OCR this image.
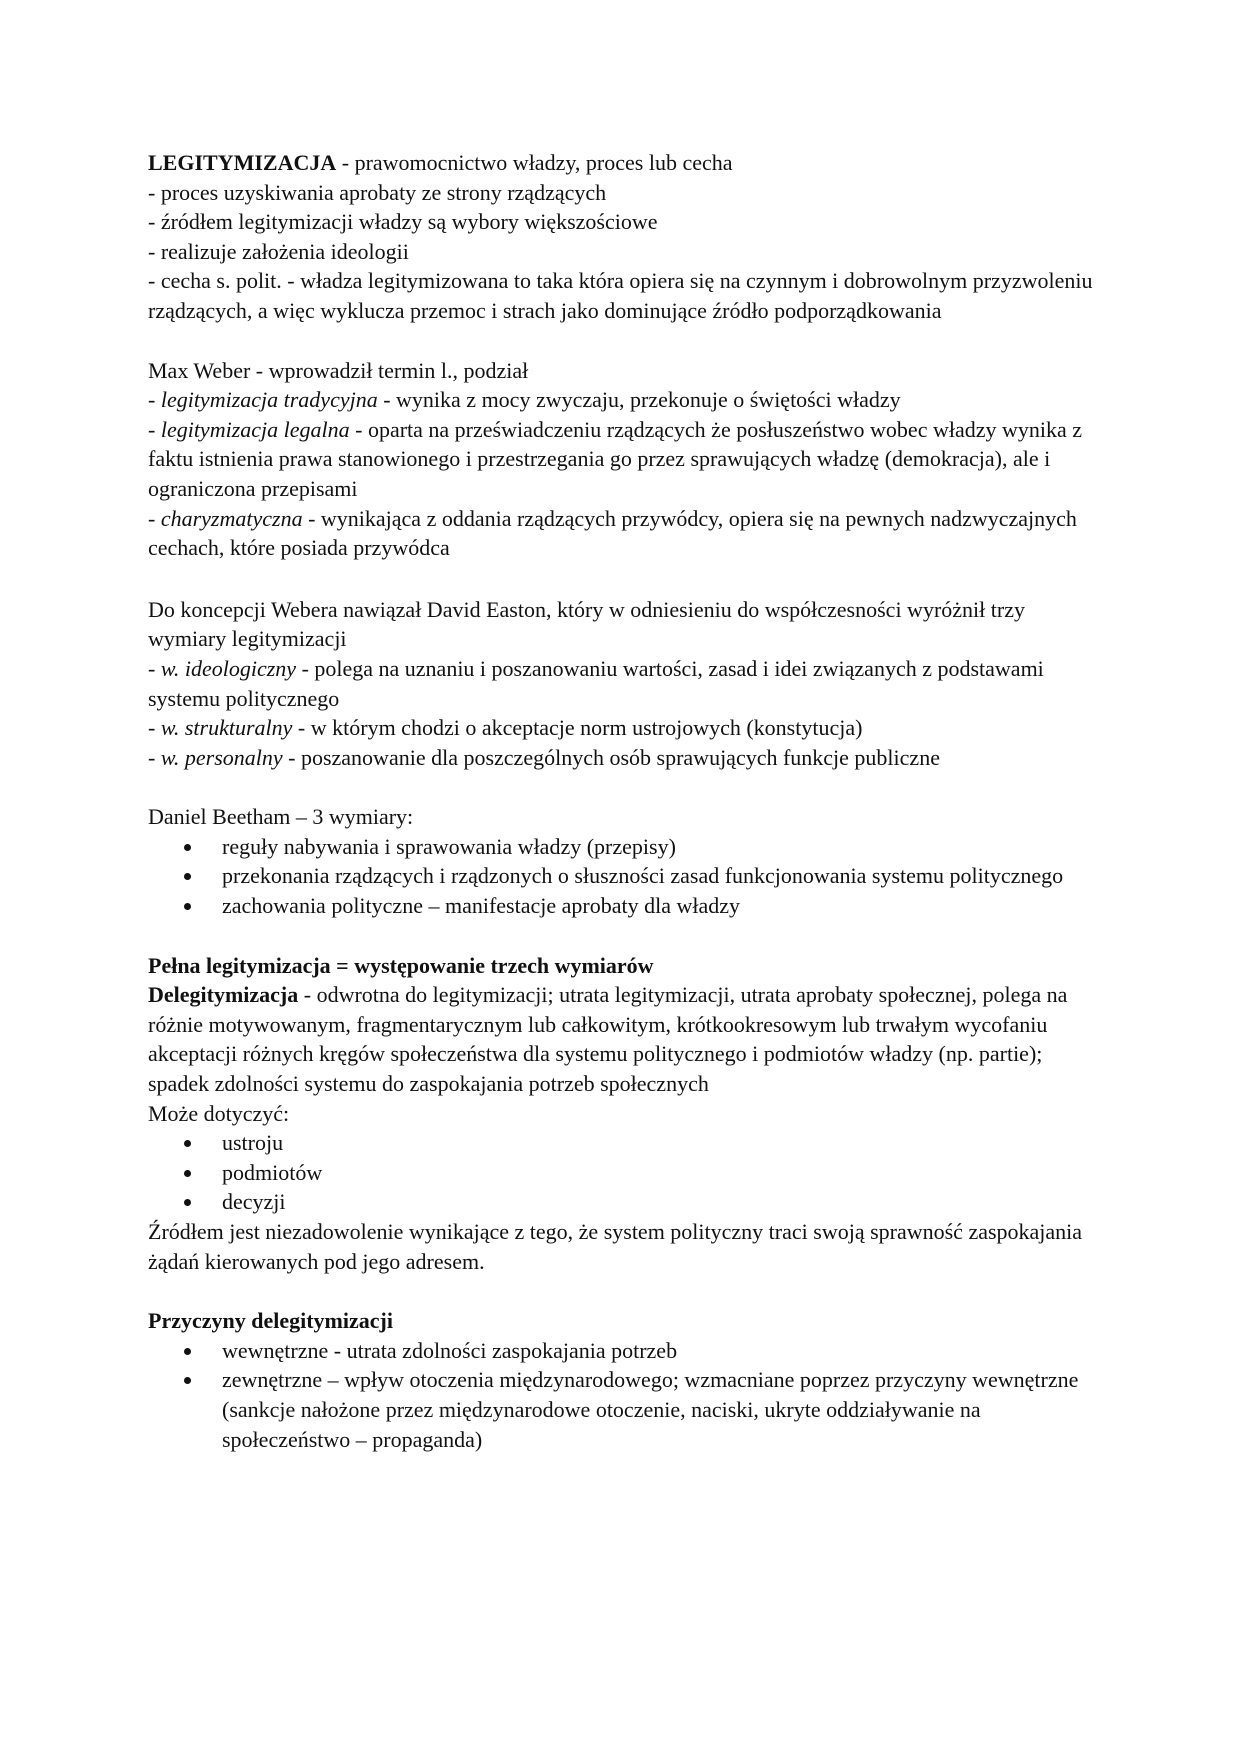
LEGITYMIZACJA - prawomocnictwo władzy, proces lub cecha

- proces uzyskiwania aprobaty ze strony rządzących

- źródłem legitymizacji władzy są wybory większościowe

- realizuje założenia ideologii

- cecha s. polit. - władza legitymizowana to taka która opiera się na czynnym i dobrowolnym przyzwoleniu rządzących, a więc wyklucza przemoc i strach jako dominujące źródło podporządkowania

Max Weber - wprowadził termin l., podział

- legitymizacja tradycyjna - wynika z mocy zwyczaju, przekonuje o świętości władzy

- legitymizacja legalna - oparta na przeświadczeniu rządzących że posłuszeństwo wobec władzy wynika z faktu istnienia prawa stanowionego i przestrzegania go przez sprawujących władzę (demokracja), ale i ograniczona przepisami

- charyzmatyczna - wynikająca z oddania rządzących przywódcy, opiera się na pewnych nadzwyczajnych cechach, które posiada przywódca

Do koncepcji Webera nawiązał David Easton, który w odniesieniu do współczesności wyróżnił trzy wymiary legitymizacji

- w. ideologiczny - polega na uznaniu i poszanowaniu wartości, zasad i idei związanych z podstawami systemu politycznego

- w. strukturalny - w którym chodzi o akceptacje norm ustrojowych (konstytucja)

- w. personalny - poszanowanie dla poszczególnych osób sprawujących funkcje publiczne

Daniel Beetham – 3 wymiary:

reguły nabywania i sprawowania władzy (przepisy)
przekonania rządzących i rządzonych o słuszności zasad funkcjonowania systemu politycznego
zachowania polityczne – manifestacje aprobaty dla władzy

Pełna legitymizacja = występowanie trzech wymiarów

Delegitymizacja - odwrotna do legitymizacji; utrata legitymizacji, utrata aprobaty społecznej, polega na różnie motywowanym, fragmentarycznym lub całkowitym, krótkookresowym lub trwałym wycofaniu akceptacji różnych kręgów społeczeństwa dla systemu politycznego i podmiotów władzy (np. partie); spadek zdolności systemu do zaspokajania potrzeb społecznych

Może dotyczyć:

ustroju
podmiotów
decyzji

Źródłem jest niezadowolenie wynikające z tego, że system polityczny traci swoją sprawność zaspokajania żądań kierowanych pod jego adresem.

Przyczyny delegitymizacji

wewnętrzne - utrata zdolności zaspokajania potrzeb
zewnętrzne – wpływ otoczenia międzynarodowego; wzmacniane poprzez przyczyny wewnętrzne (sankcje nałożone przez międzynarodowe otoczenie, naciski, ukryte oddziaływanie na społeczeństwo – propaganda)
